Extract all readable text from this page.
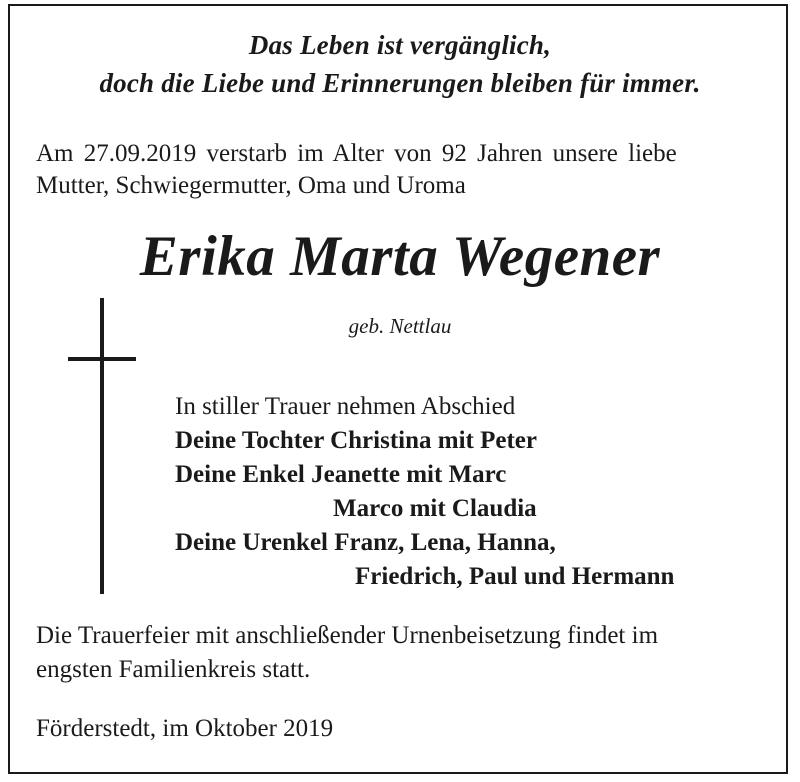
Das Leben ist vergänglich,
doch die Liebe und Erinnerungen bleiben für immer.
Am 27.09.2019 verstarb im Alter von 92 Jahren unsere liebe
Mutter, Schwiegermutter, Oma und Uroma
Erika Marta Wegener
geb. Nettlau
In stiller Trauer nehmen Abschied
Deine Tochter Christina mit Peter
Deine Enkel Jeanette mit Marc
Marco mit Claudia
Deine Urenkel Franz, Lena, Hanna,
Friedrich, Paul und Hermann
Die Trauerfeier mit anschließender Urnenbeisetzung findet im
engsten Familienkreis statt.
Förderstedt, im Oktober 2019
